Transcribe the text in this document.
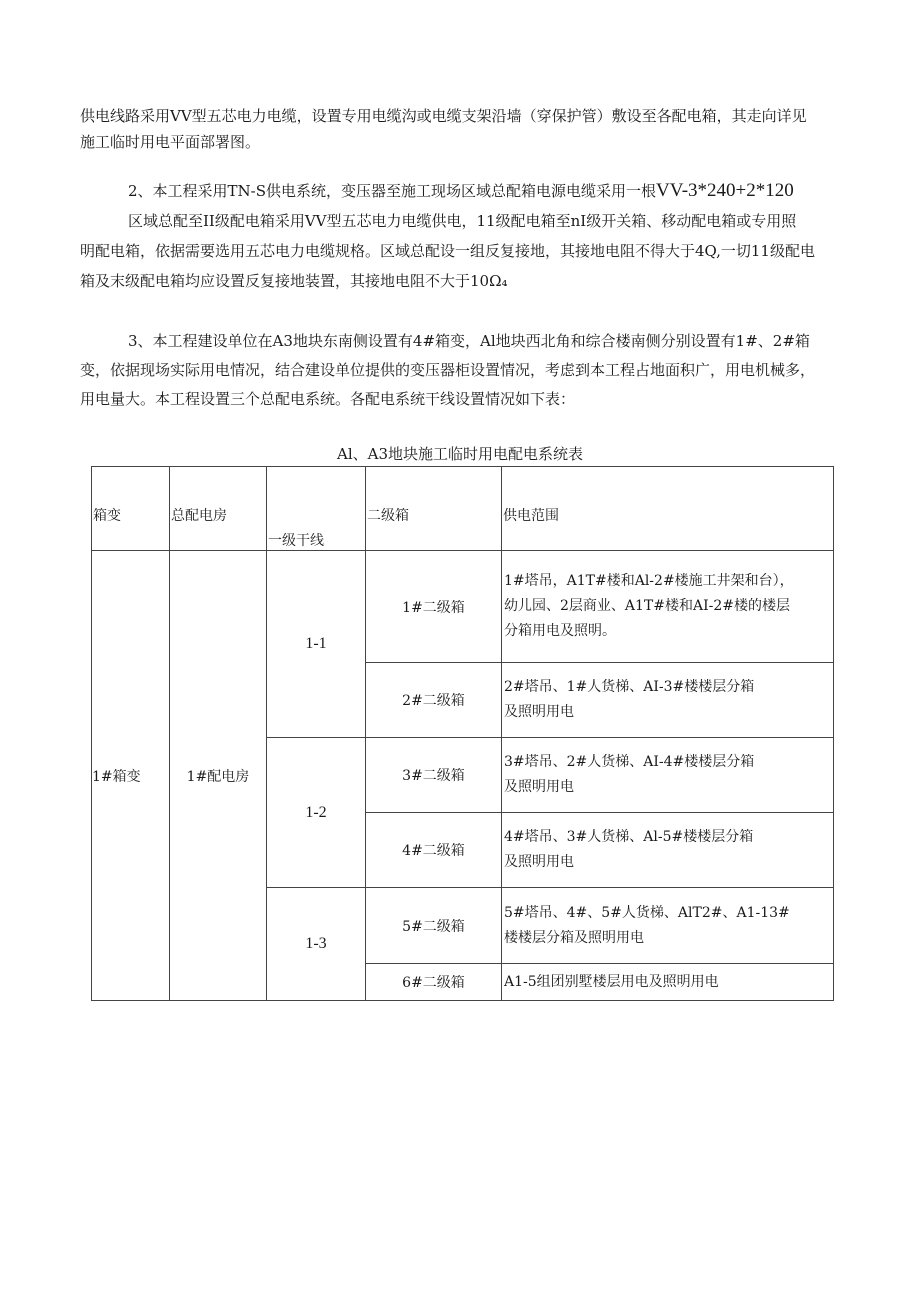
供电线路采用VV型五芯电力电缆，设置专用电缆沟或电缆支架沿墙（穿保护管）敷设至各配电箱，其走向详见
施工临时用电平面部署图。
2、本工程采用TN-S供电系统，变压器至施工现场区域总配箱电源电缆采用一根VV-3*240+2*120
区域总配至II级配电箱采用VV型五芯电力电缆供电，11级配电箱至nI级开关箱、移动配电箱或专用照
明配电箱，依据需要选用五芯电力电缆规格。区域总配设一组反复接地，其接地电阻不得大于4Q,一切11级配电
箱及末级配电箱均应设置反复接地装置，其接地电阻不大于10Ω₄
3、本工程建设单位在A3地块东南侧设置有4#箱变，Al地块西北角和综合楼南侧分别设置有1#、2#箱
变，依据现场实际用电情况，结合建设单位提供的变压器柜设置情况，考虑到本工程占地面积广，用电机械多，
用电量大。本工程设置三个总配电系统。各配电系统干线设置情况如下表：
Al、A3地块施工临时用电配电系统表
箱变	总配电房	一级干线	二级箱	供电范围

1#箱变	1#配电房	1-1	1#二级箱	1#塔吊，A1T#楼和Al-2#楼施工井架和台），
幼儿园、2层商业、A1T#楼和AI-2#楼的楼层
分箱用电及照明。

			2#二级箱	2#塔吊、1#人货梯、AI-3#楼楼层分箱
及照明用电

		1-2	3#二级箱	3#塔吊、2#人货梯、AI-4#楼楼层分箱
及照明用电

			4#二级箱	4#塔吊、3#人货梯、Al-5#楼楼层分箱
及照明用电

		1-3	5#二级箱	5#塔吊、4#、5#人货梯、AlT2#、A1-13#
楼楼层分箱及照明用电

			6#二级箱	A1-5组团别墅楼层用电及照明用电
